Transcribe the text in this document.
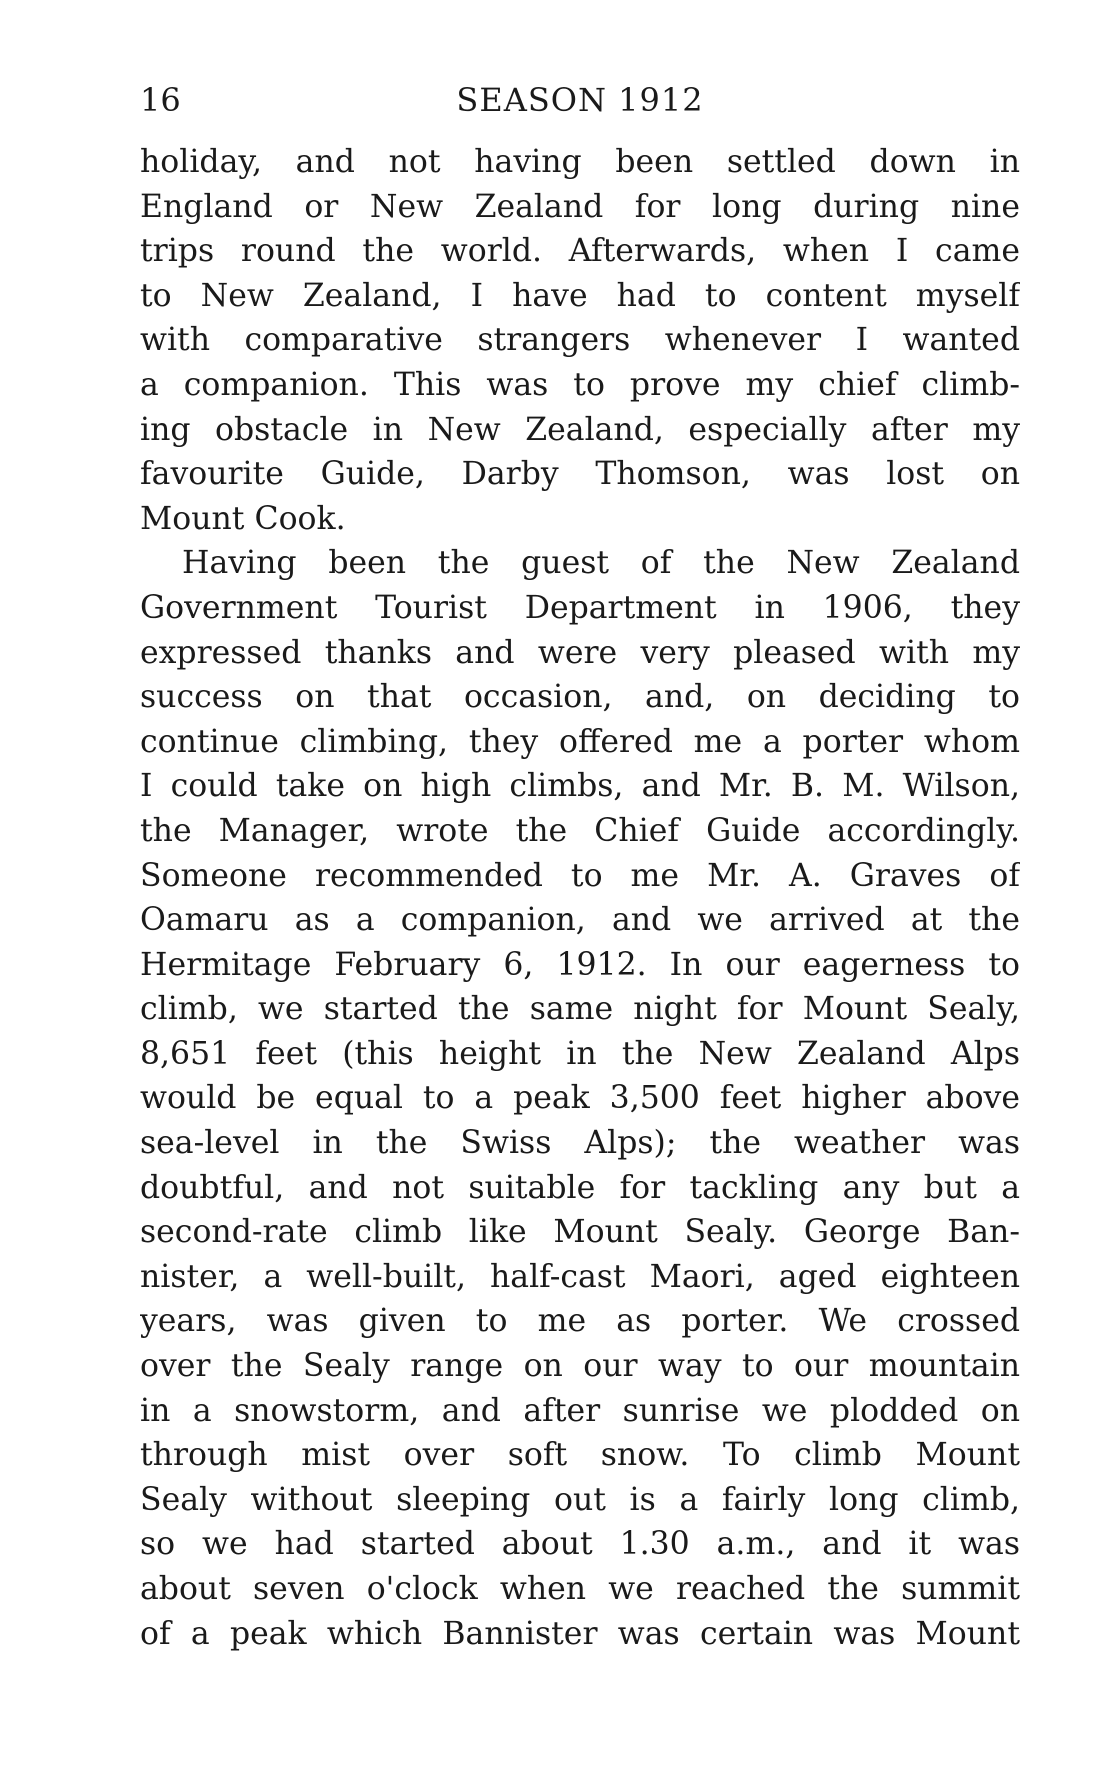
16	SEASON 1912
holiday, and not having been settled down in
England or New Zealand for long during nine
trips round the world. Afterwards, when I came
to New Zealand, I have had to content myself
with comparative strangers whenever I wanted
a companion. This was to prove my chief climb-
ing obstacle in New Zealand, especially after my
favourite Guide, Darby Thomson, was lost on
Mount Cook.
Having been the guest of the New Zealand
Government Tourist Department in 1906, they
expressed thanks and were very pleased with my
success on that occasion, and, on deciding to
continue climbing, they offered me a porter whom
I could take on high climbs, and Mr. B. M. Wilson,
the Manager, wrote the Chief Guide accordingly.
Someone recommended to me Mr. A. Graves of
Oamaru as a companion, and we arrived at the
Hermitage February 6, 1912. In our eagerness to
climb, we started the same night for Mount Sealy,
8,651 feet (this height in the New Zealand Alps
would be equal to a peak 3,500 feet higher above
sea-level in the Swiss Alps); the weather was
doubtful, and not suitable for tackling any but a
second-rate climb like Mount Sealy. George Ban-
nister, a well-built, half-cast Maori, aged eighteen
years, was given to me as porter. We crossed
over the Sealy range on our way to our mountain
in a snowstorm, and after sunrise we plodded on
through mist over soft snow. To climb Mount
Sealy without sleeping out is a fairly long climb,
so we had started about 1.30 a.m., and it was
about seven o'clock when we reached the summit
of a peak which Bannister was certain was Mount
